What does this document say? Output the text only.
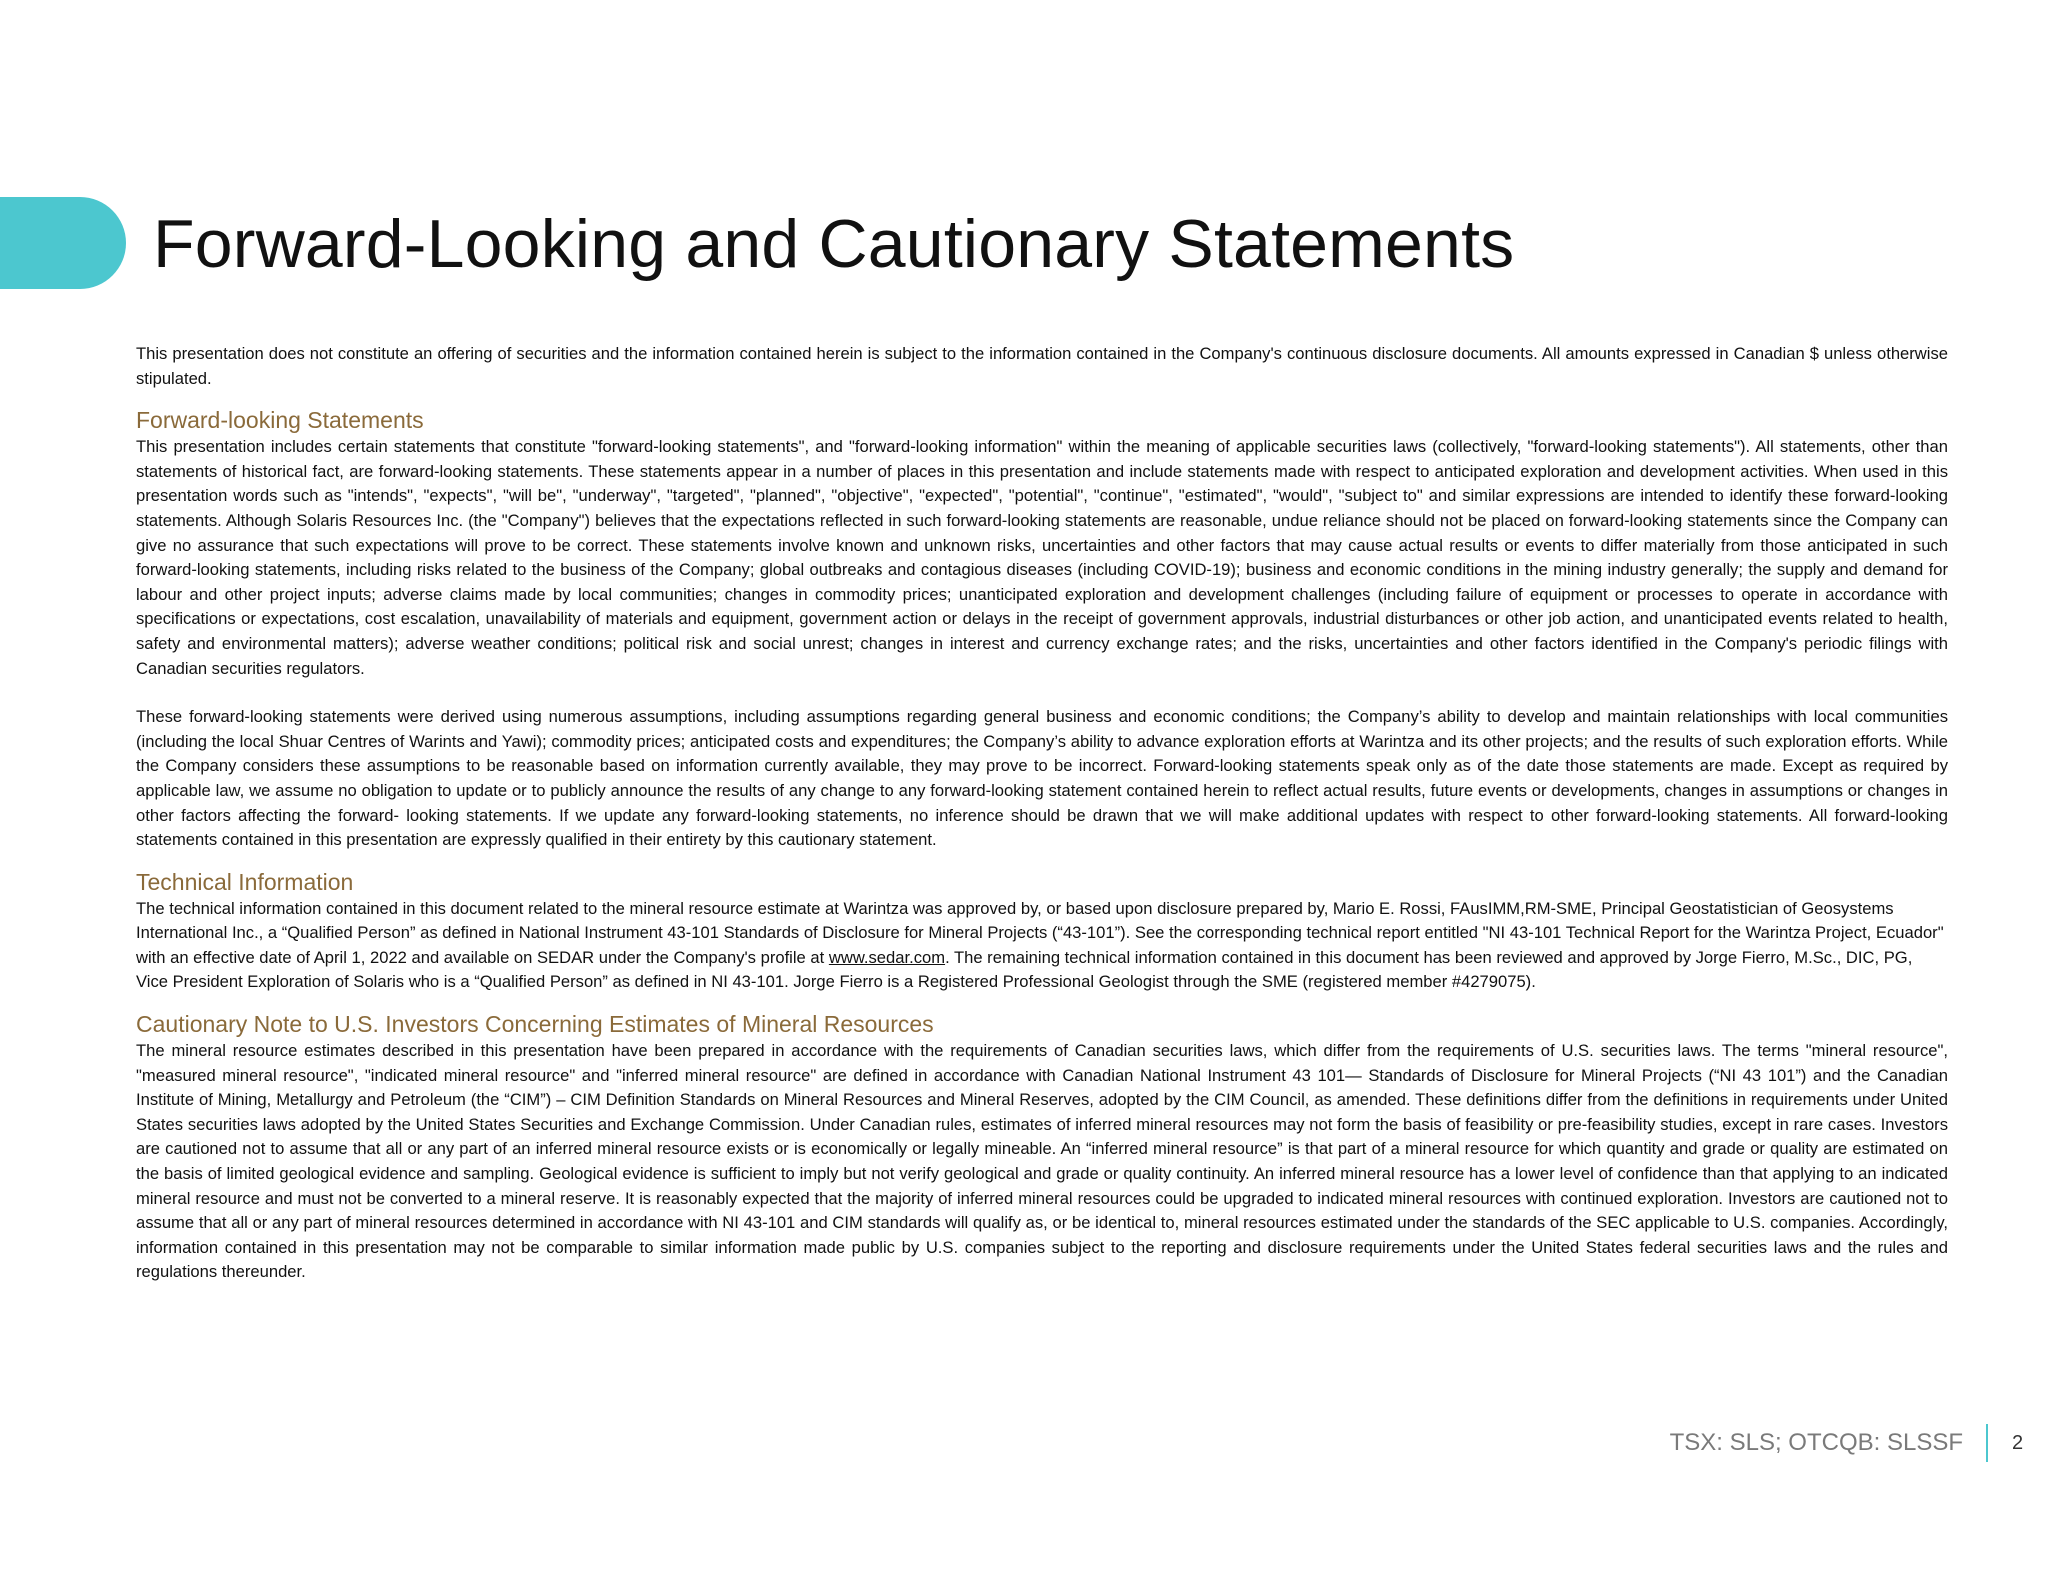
Forward-Looking and Cautionary Statements

This presentation does not constitute an offering of securities and the information contained herein is subject to the information contained in the Company's continuous disclosure documents. All amounts expressed in Canadian $ unless otherwise stipulated.

Forward-looking Statements

This presentation includes certain statements that constitute "forward-looking statements", and "forward-looking information" within the meaning of applicable securities laws (collectively, "forward-looking statements"). All statements, other than statements of historical fact, are forward-looking statements. These statements appear in a number of places in this presentation and include statements made with respect to anticipated exploration and development activities. When used in this presentation words such as "intends", "expects", "will be", "underway", "targeted", "planned", "objective", "expected", "potential", "continue", "estimated", "would", "subject to" and similar expressions are intended to identify these forward-looking statements. Although Solaris Resources Inc. (the "Company") believes that the expectations reflected in such forward-looking statements are reasonable, undue reliance should not be placed on forward-looking statements since the Company can give no assurance that such expectations will prove to be correct. These statements involve known and unknown risks, uncertainties and other factors that may cause actual results or events to differ materially from those anticipated in such forward-looking statements, including risks related to the business of the Company; global outbreaks and contagious diseases (including COVID-19); business and economic conditions in the mining industry generally; the supply and demand for labour and other project inputs; adverse claims made by local communities; changes in commodity prices; unanticipated exploration and development challenges (including failure of equipment or processes to operate in accordance with specifications or expectations, cost escalation, unavailability of materials and equipment, government action or delays in the receipt of government approvals, industrial disturbances or other job action, and unanticipated events related to health, safety and environmental matters); adverse weather conditions; political risk and social unrest; changes in interest and currency exchange rates; and the risks, uncertainties and other factors identified in the Company's periodic filings with Canadian securities regulators.

These forward-looking statements were derived using numerous assumptions, including assumptions regarding general business and economic conditions; the Company’s ability to develop and maintain relationships with local communities (including the local Shuar Centres of Warints and Yawi); commodity prices; anticipated costs and expenditures; the Company’s ability to advance exploration efforts at Warintza and its other projects; and the results of such exploration efforts. While the Company considers these assumptions to be reasonable based on information currently available, they may prove to be incorrect. Forward-looking statements speak only as of the date those statements are made. Except as required by applicable law, we assume no obligation to update or to publicly announce the results of any change to any forward-looking statement contained herein to reflect actual results, future events or developments, changes in assumptions or changes in other factors affecting the forward- looking statements. If we update any forward-looking statements, no inference should be drawn that we will make additional updates with respect to other forward-looking statements. All forward-looking statements contained in this presentation are expressly qualified in their entirety by this cautionary statement.

Technical Information

The technical information contained in this document related to the mineral resource estimate at Warintza was approved by, or based upon disclosure prepared by, Mario E. Rossi, FAusIMM,RM-SME, Principal Geostatistician of Geosystems International Inc., a “Qualified Person” as defined in National Instrument 43-101 Standards of Disclosure for Mineral Projects (“43-101”). See the corresponding technical report entitled "NI 43-101 Technical Report for the Warintza Project, Ecuador" with an effective date of April 1, 2022 and available on SEDAR under the Company's profile at www.sedar.com. The remaining technical information contained in this document has been reviewed and approved by Jorge Fierro, M.Sc., DIC, PG, Vice President Exploration of Solaris who is a “Qualified Person” as defined in NI 43-101. Jorge Fierro is a Registered Professional Geologist through the SME (registered member #4279075).

Cautionary Note to U.S. Investors Concerning Estimates of Mineral Resources

The mineral resource estimates described in this presentation have been prepared in accordance with the requirements of Canadian securities laws, which differ from the requirements of U.S. securities laws. The terms "mineral resource", "measured mineral resource", "indicated mineral resource" and "inferred mineral resource" are defined in accordance with Canadian National Instrument 43 101— Standards of Disclosure for Mineral Projects (“NI 43 101”) and the Canadian Institute of Mining, Metallurgy and Petroleum (the “CIM”) – CIM Definition Standards on Mineral Resources and Mineral Reserves, adopted by the CIM Council, as amended. These definitions differ from the definitions in requirements under United States securities laws adopted by the United States Securities and Exchange Commission. Under Canadian rules, estimates of inferred mineral resources may not form the basis of feasibility or pre-feasibility studies, except in rare cases. Investors are cautioned not to assume that all or any part of an inferred mineral resource exists or is economically or legally mineable. An “inferred mineral resource” is that part of a mineral resource for which quantity and grade or quality are estimated on the basis of limited geological evidence and sampling. Geological evidence is sufficient to imply but not verify geological and grade or quality continuity. An inferred mineral resource has a lower level of confidence than that applying to an indicated mineral resource and must not be converted to a mineral reserve. It is reasonably expected that the majority of inferred mineral resources could be upgraded to indicated mineral resources with continued exploration. Investors are cautioned not to assume that all or any part of mineral resources determined in accordance with NI 43-101 and CIM standards will qualify as, or be identical to, mineral resources estimated under the standards of the SEC applicable to U.S. companies. Accordingly, information contained in this presentation may not be comparable to similar information made public by U.S. companies subject to the reporting and disclosure requirements under the United States federal securities laws and the rules and regulations thereunder.

TSX: SLS; OTCQB: SLSSF 2
